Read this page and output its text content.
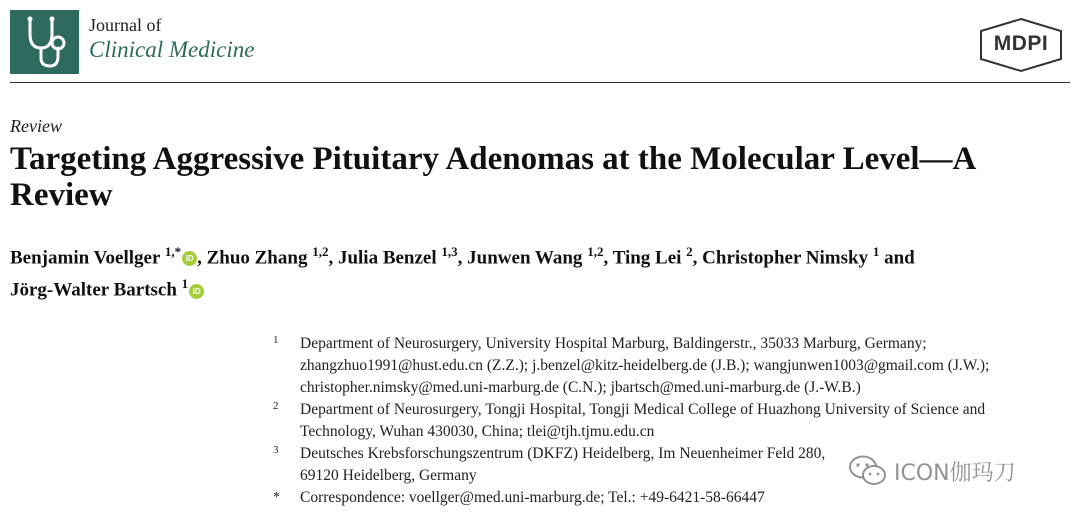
Journal of
Clinical Medicine	MDPI
Review
Targeting Aggressive Pituitary Adenomas at the Molecular Level—A Review
Benjamin Voellger $^{1,*}$ iD , Zhuo Zhang $^{1,2}$, Julia Benzel $^{1,3}$, Junwen Wang $^{1,2}$, Ting Lei $^2$, Christopher Nimsky $^1$ and
Jörg-Walter Bartsch $^1$ iD
1 Department of Neurosurgery, University Hospital Marburg, Baldingerstr., 35033 Marburg, Germany;
zhangzhuo1991@hust.edu.cn (Z.Z.); j.benzel@kitz-heidelberg.de (J.B.); wangjunwen1003@gmail.com (J.W.);
christopher.nimsky@med.uni-marburg.de (C.N.); jbartsch@med.uni-marburg.de (J.-W.B.)
2 Department of Neurosurgery, Tongji Hospital, Tongji Medical College of Huazhong University of Science and
Technology, Wuhan 430030, China; tlei@tjh.tjmu.edu.cn
3 Deutsches Krebsforschungszentrum (DKFZ) Heidelberg, Im Neuenheimer Feld 280,
69120 Heidelberg, Germany
* Correspondence: voellger@med.uni-marburg.de; Tel.: +49-6421-58-66447
ICON伽玛刀
